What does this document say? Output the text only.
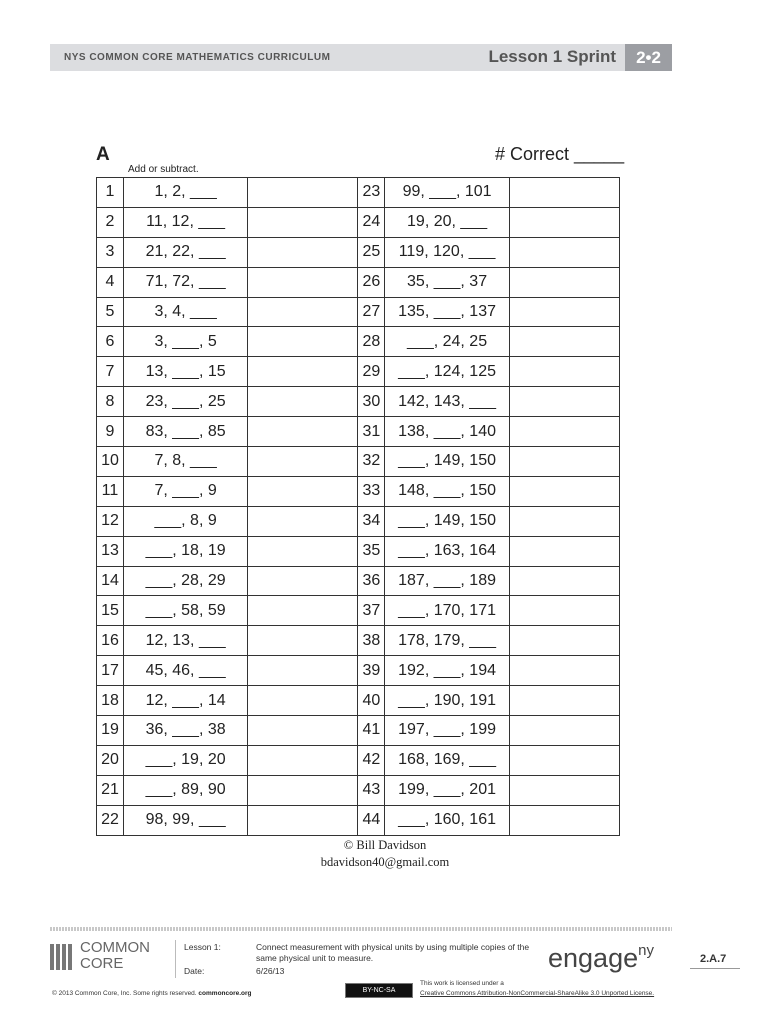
NYS COMMON CORE MATHEMATICS CURRICULUM	Lesson 1 Sprint	2•2
A
Add or subtract.
# Correct _____
1	1, 2, ___		23	99, ___, 101	
2	11, 12, ___		24	19, 20, ___	
3	21, 22, ___		25	119, 120, ___	
4	71, 72, ___		26	35, ___, 37	
5	3, 4, ___		27	135, ___, 137	
6	3, ___, 5		28	___, 24, 25	
7	13, ___, 15		29	___, 124, 125	
8	23, ___, 25		30	142, 143, ___	
9	83, ___, 85		31	138, ___, 140	
10	7, 8, ___		32	___, 149, 150	
11	7, ___, 9		33	148, ___, 150	
12	___, 8, 9		34	___, 149, 150	
13	___, 18, 19		35	___, 163, 164	
14	___, 28, 29		36	187, ___, 189	
15	___, 58, 59		37	___, 170, 171	
16	12, 13, ___		38	178, 179, ___	
17	45, 46, ___		39	192, ___, 194	
18	12, ___, 14		40	___, 190, 191	
19	36, ___, 38		41	197, ___, 199	
20	___, 19, 20		42	168, 169, ___	
21	___, 89, 90		43	199, ___, 201	
22	98, 99, ___		44	___, 160, 161	
© Bill Davidson
bdavidson40@gmail.com
COMMON
CORE
Lesson 1:
Date:
Connect measurement with physical units by using multiple copies of the same physical unit to measure.
6/26/13	engage$^{ny}$	2.A.7
© 2013 Common Core, Inc. Some rights reserved. commoncore.org	BY-NC-SA
This work is licensed under a
Creative Commons Attribution-NonCommercial-ShareAlike 3.0 Unported License.
